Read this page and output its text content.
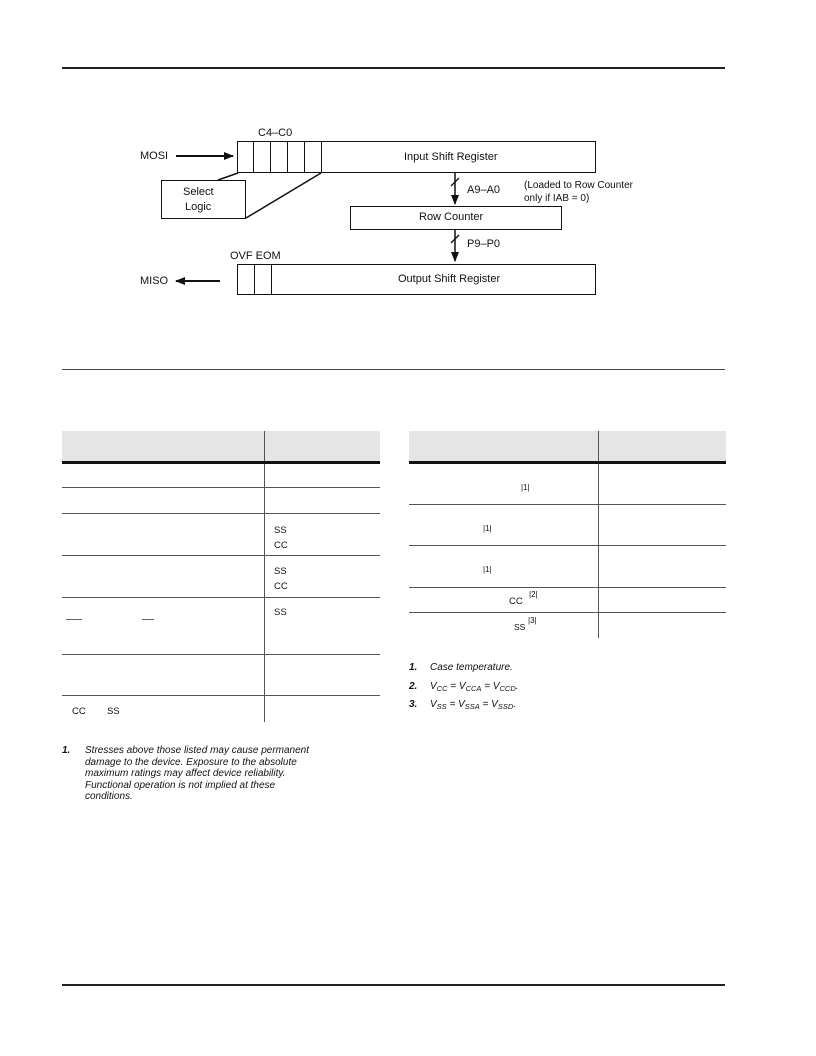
MOSI
MISO
C4–C0
Input Shift Register
Select
Logic
A9–A0 (Loaded to Row Counter
only if IAB = 0)
Row Counter
P9–P0
OVF EOM
Output Shift Register
SS
CC
SS
CC
SS
CC SS
1. Stresses above those listed may cause permanent
damage to the device. Exposure to the absolute
maximum ratings may affect device reliability.
Functional operation is not implied at these
conditions.
|1|
|1|
|1|
CC
|2|
SS
|3|
1. Case temperature.
2. $V_{CC} = V_{CCA} = V_{CCD}$.
3. $V_{SS} = V_{SSA} = V_{SSD}$.
